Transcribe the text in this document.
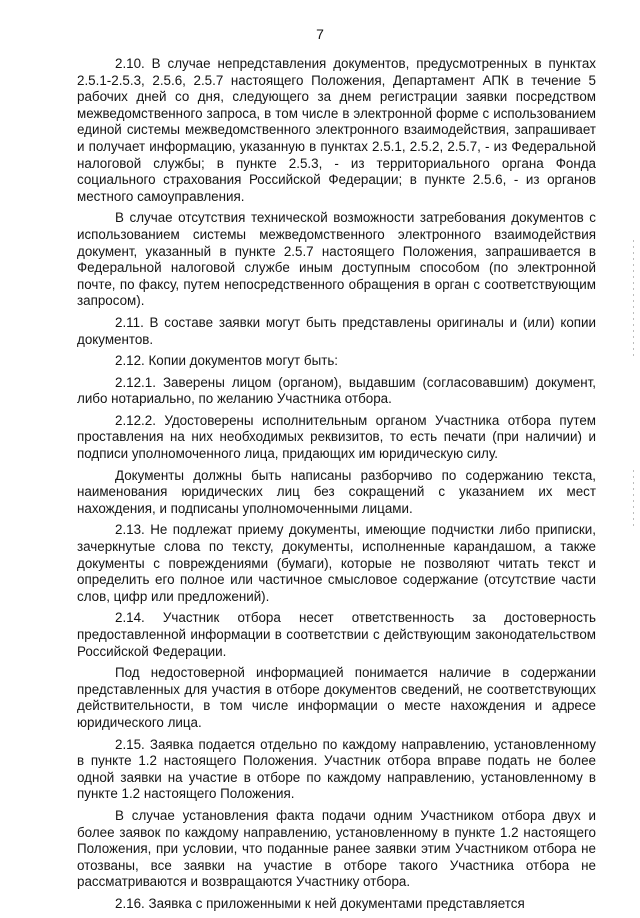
7

2.10. В случае непредставления документов, предусмотренных в пунктах 2.5.1-2.5.3, 2.5.6, 2.5.7 настоящего Положения, Департамент АПК в течение 5 рабочих дней со дня, следующего за днем регистрации заявки посредством межведомственного запроса, в том числе в электронной форме с использованием единой системы межведомственного электронного взаимодействия, запрашивает и получает информацию, указанную в пунктах 2.5.1, 2.5.2, 2.5.7, - из Федеральной налоговой службы; в пункте 2.5.3, - из территориального органа Фонда социального страхования Российской Федерации; в пункте 2.5.6, - из органов местного самоуправления.

В случае отсутствия технической возможности затребования документов с использованием системы межведомственного электронного взаимодействия документ, указанный в пункте 2.5.7 настоящего Положения, запрашивается в Федеральной налоговой службе иным доступным способом (по электронной почте, по факсу, путем непосредственного обращения в орган с соответствующим запросом).

2.11. В составе заявки могут быть представлены оригиналы и (или) копии документов.

2.12. Копии документов могут быть:

2.12.1. Заверены лицом (органом), выдавшим (согласовавшим) документ, либо нотариально, по желанию Участника отбора.

2.12.2. Удостоверены исполнительным органом Участника отбора путем проставления на них необходимых реквизитов, то есть печати (при наличии) и подписи уполномоченного лица, придающих им юридическую силу.

Документы должны быть написаны разборчиво по содержанию текста, наименования юридических лиц без сокращений с указанием их мест нахождения, и подписаны уполномоченными лицами.

2.13. Не подлежат приему документы, имеющие подчистки либо приписки, зачеркнутые слова по тексту, документы, исполненные карандашом, а также документы с повреждениями (бумаги), которые не позволяют читать текст и определить его полное или частичное смысловое содержание (отсутствие части слов, цифр или предложений).

2.14. Участник отбора несет ответственность за достоверность предоставленной информации в соответствии с действующим законодательством Российской Федерации.

Под недостоверной информацией понимается наличие в содержании представленных для участия в отборе документов сведений, не соответствующих действительности, в том числе информации о месте нахождения и адресе юридического лица.

2.15. Заявка подается отдельно по каждому направлению, установленному в пункте 1.2 настоящего Положения. Участник отбора вправе подать не более одной заявки на участие в отборе по каждому направлению, установленному в пункте 1.2 настоящего Положения.

В случае установления факта подачи одним Участником отбора двух и более заявок по каждому направлению, установленному в пункте 1.2 настоящего Положения, при условии, что поданные ранее заявки этим Участником отбора не отозваны, все заявки на участие в отборе такого Участника отбора не рассматриваются и возвращаются Участнику отбора.

2.16. Заявка с приложенными к ней документами представляется
